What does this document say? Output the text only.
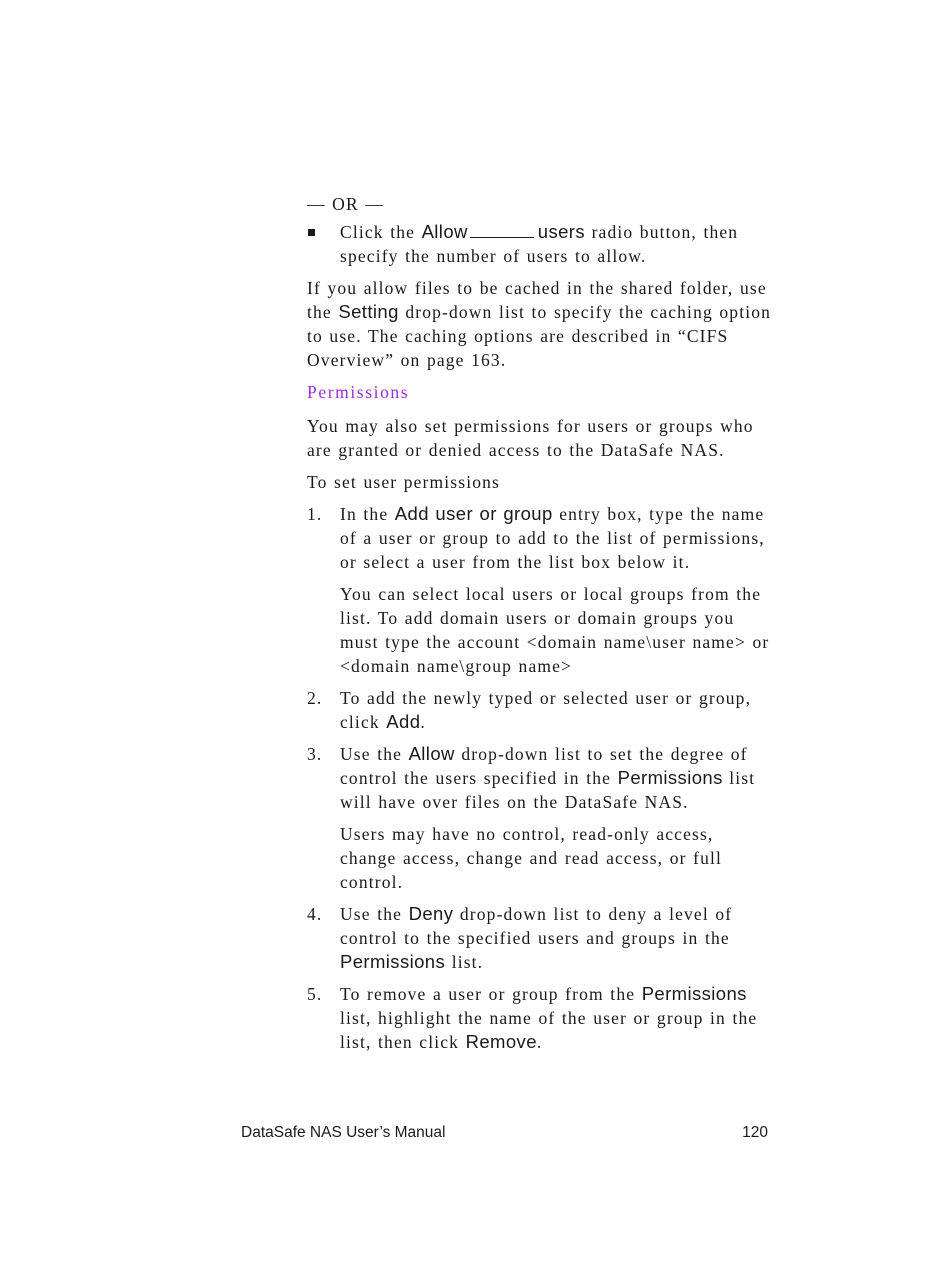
— OR —
Click the Allow	users radio button, then specify the number of users to allow.

If you allow files to be cached in the shared folder, use the Setting drop-down list to specify the caching option to use. The caching options are described in “CIFS Overview” on page 163.

Permissions

You may also set permissions for users or groups who are granted or denied access to the DataSafe NAS.

To set user permissions

1.	In the Add user or group entry box, type the name of a user or group to add to the list of permissions, or select a user from the list box below it.

You can select local users or local groups from the list. To add domain users or domain groups you must type the account <domain name\user name> or <domain name\group name>

2.	To add the newly typed or selected user or group, click Add.
3.	Use the Allow drop-down list to set the degree of control the users specified in the Permissions list will have over files on the DataSafe NAS.

Users may have no control, read-only access, change access, change and read access, or full control.

4.	Use the Deny drop-down list to deny a level of control to the specified users and groups in the Permissions list.
5.	To remove a user or group from the Permissions list, highlight the name of the user or group in the list, then click Remove.
DataSafe NAS User’s Manual	120
